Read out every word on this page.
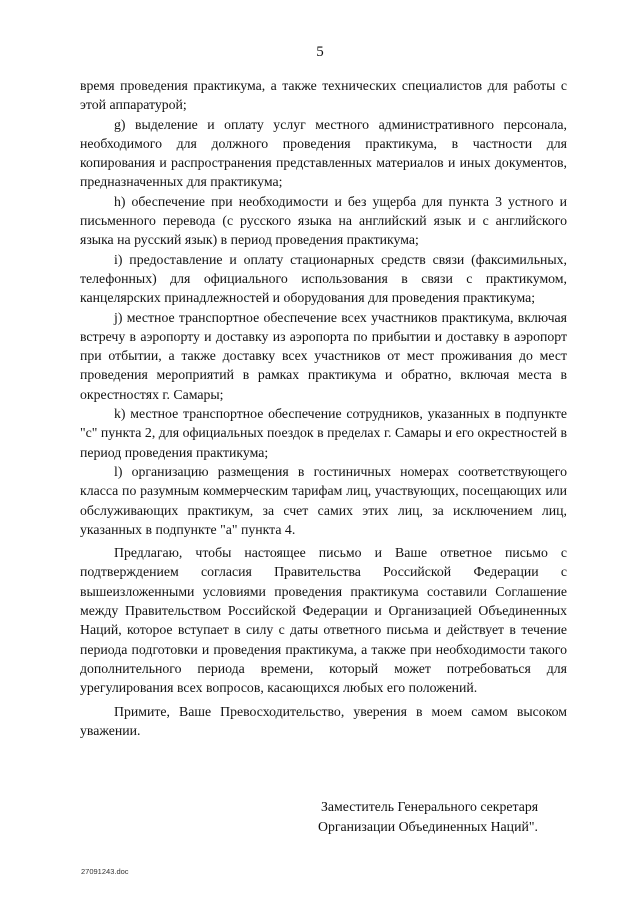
5

время проведения практикума, а также технических специалистов для работы с этой аппаратурой;

g) выделение и оплату услуг местного административного персонала, необходимого для должного проведения практикума, в частности для копирования и распространения представленных материалов и иных документов, предназначенных для практикума;

h) обеспечение при необходимости и без ущерба для пункта 3 устного и письменного перевода (с русского языка на английский язык и с английского языка на русский язык) в период проведения практикума;

i) предоставление и оплату стационарных средств связи (факсимильных, телефонных) для официального использования в связи с практикумом, канцелярских принадлежностей и оборудования для проведения практикума;

j) местное транспортное обеспечение всех участников практикума, включая встречу в аэропорту и доставку из аэропорта по прибытии и доставку в аэропорт при отбытии, а также доставку всех участников от мест проживания до мест проведения мероприятий в рамках практикума и обратно, включая места в окрестностях г. Самары;

k) местное транспортное обеспечение сотрудников, указанных в подпункте "с" пункта 2, для официальных поездок в пределах г. Самары и его окрестностей в период проведения практикума;

l) организацию размещения в гостиничных номерах соответствующего класса по разумным коммерческим тарифам лиц, участвующих, посещающих или обслуживающих практикум, за счет самих этих лиц, за исключением лиц, указанных в подпункте "а" пункта 4.

Предлагаю, чтобы настоящее письмо и Ваше ответное письмо с подтверждением согласия Правительства Российской Федерации с вышеизложенными условиями проведения практикума составили Соглашение между Правительством Российской Федерации и Организацией Объединенных Наций, которое вступает в силу с даты ответного письма и действует в течение периода подготовки и проведения практикума, а также при необходимости такого дополнительного периода времени, который может потребоваться для урегулирования всех вопросов, касающихся любых его положений.

Примите, Ваше Превосходительство, уверения в моем самом высоком уважении.

Заместитель Генерального секретаря
Организации Объединенных Наций".
27091243.doc
